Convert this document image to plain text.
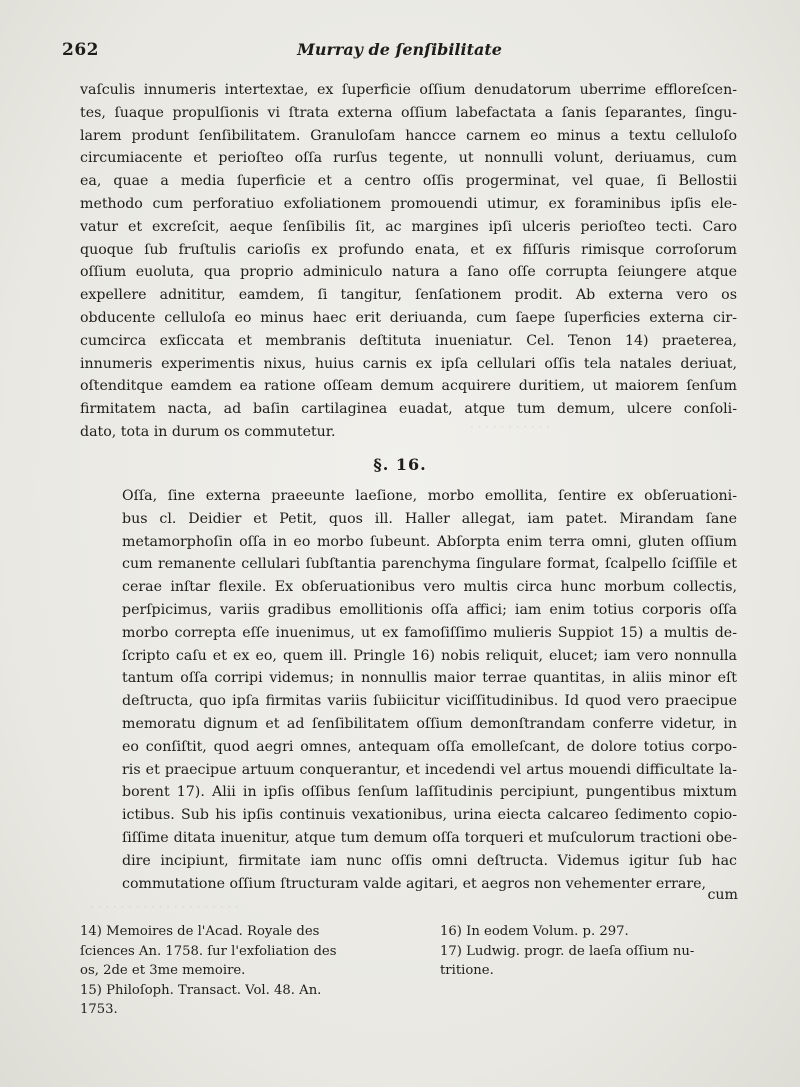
· · · · · · · · · · ·
· · · · · · · · · · · · · · · · · · · ·
262	Murray de ſenſibilitate
vaſculis innumeris intertextae, ex ſuperficie oſſium denudatorum uberrime effloreſcen-
tes, ſuaque propulſionis vi ſtrata externa oſſium labefactata a ſanis ſeparantes, ſingu-
larem produnt ſenſibilitatem. Granuloſam hancce carnem eo minus a textu celluloſo
circumiacente et perioſteo oſſa rurſus tegente, ut nonnulli volunt, deriuamus, cum
ea, quae a media ſuperficie et a centro oſſis progerminat, vel quae, ſi Bellostii
methodo cum perforatiuo exfoliationem promouendi utimur, ex foraminibus ipſis ele-
vatur et excreſcit, aeque ſenſibilis ſit, ac margines ipſi ulceris perioſteo tecti. Caro
quoque ſub fruſtulis carioſis ex profundo enata, et ex fiſſuris rimisque corroſorum
oſſium euoluta, qua proprio adminiculo natura a ſano oſſe corrupta ſeiungere atque
expellere adnititur, eamdem, ſi tangitur, ſenſationem prodit. Ab externa vero os
obducente celluloſa eo minus haec erit deriuanda, cum ſaepe ſuperficies externa cir-
cumcirca exſiccata et membranis deſtituta inueniatur. Cel. Tenon 14) praeterea,
innumeris experimentis nixus, huius carnis ex ipſa cellulari oſſis tela natales deriuat,
oſtenditque eamdem ea ratione oſſeam demum acquirere duritiem, ut maiorem ſenſum
firmitatem nacta, ad baſin cartilaginea euadat, atque tum demum, ulcere conſoli-
dato, tota in durum os commutetur.
§. 16.
Oſſa, ſine externa praeeunte laeſione, morbo emollita, ſentire ex obſeruationi-
bus cl. Deidier et Petit, quos ill. Haller allegat, iam patet. Mirandam ſane
metamorphoſin oſſa in eo morbo ſubeunt. Abſorpta enim terra omni, gluten oſſium
cum remanente cellulari ſubſtantia parenchyma ſingulare format, ſcalpello ſciſſile et
cerae inſtar flexile. Ex obſeruationibus vero multis circa hunc morbum collectis,
perſpicimus, variis gradibus emollitionis oſſa affici; iam enim totius corporis oſſa
morbo correpta eſſe inuenimus, ut ex famoſiſſimo mulieris Suppiot 15) a multis de-
ſcripto caſu et ex eo, quem ill. Pringle 16) nobis reliquit, elucet; iam vero nonnulla
tantum oſſa corripi videmus; in nonnullis maior terrae quantitas, in aliis minor eſt
deſtructa, quo ipſa firmitas variis ſubiicitur viciſſitudinibus. Id quod vero praecipue
memoratu dignum et ad ſenſibilitatem oſſium demonſtrandam conferre videtur, in
eo conſiſtit, quod aegri omnes, antequam oſſa emolleſcant, de dolore totius corpo-
ris et praecipue artuum conquerantur, et incedendi vel artus mouendi difficultate la-
borent 17). Alii in ipſis oſſibus ſenſum laſſitudinis percipiunt, pungentibus mixtum
ictibus. Sub his ipſis continuis vexationibus, urina eiecta calcareo ſedimento copio-
ſiſſime ditata inuenitur, atque tum demum oſſa torqueri et muſculorum tractioni obe-
dire incipiunt, firmitate iam nunc oſſis omni deſtructa. Videmus igitur ſub hac
commutatione oſſium ſtructuram valde agitari, et aegros non vehementer errare,
cum
14) Memoires de l'Acad. Royale des
ſciences An. 1758. ſur l'exfoliation des
os, 2de et 3me memoire.
15) Philoſoph. Transact. Vol. 48. An.
1753.
16) In eodem Volum. p. 297.
17) Ludwig. progr. de laeſa oſſium nu-
tritione.
